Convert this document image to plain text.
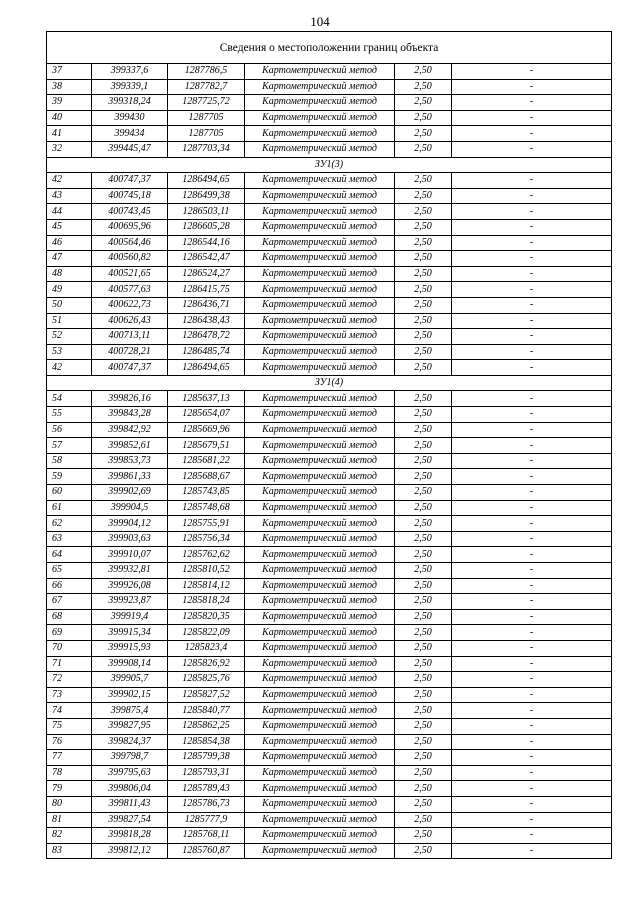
104
Сведения о местоположении границ объекта					
37	399337,6	1287786,5	Картометрический метод	2,50	-
38	399339,1	1287782,7	Картометрический метод	2,50	-
39	399318,24	1287725,72	Картометрический метод	2,50	-
40	399430	1287705	Картометрический метод	2,50	-
41	399434	1287705	Картометрический метод	2,50	-
32	399445,47	1287703,34	Картометрический метод	2,50	-
ЗУ1(3)					
42	400747,37	1286494,65	Картометрический метод	2,50	-
43	400745,18	1286499,38	Картометрический метод	2,50	-
44	400743,45	1286503,11	Картометрический метод	2,50	-
45	400695,96	1286605,28	Картометрический метод	2,50	-
46	400564,46	1286544,16	Картометрический метод	2,50	-
47	400560,82	1286542,47	Картометрический метод	2,50	-
48	400521,65	1286524,27	Картометрический метод	2,50	-
49	400577,63	1286415,75	Картометрический метод	2,50	-
50	400622,73	1286436,71	Картометрический метод	2,50	-
51	400626,43	1286438,43	Картометрический метод	2,50	-
52	400713,11	1286478,72	Картометрический метод	2,50	-
53	400728,21	1286485,74	Картометрический метод	2,50	-
42	400747,37	1286494,65	Картометрический метод	2,50	-
ЗУ1(4)					
54	399826,16	1285637,13	Картометрический метод	2,50	-
55	399843,28	1285654,07	Картометрический метод	2,50	-
56	399842,92	1285669,96	Картометрический метод	2,50	-
57	399852,61	1285679,51	Картометрический метод	2,50	-
58	399853,73	1285681,22	Картометрический метод	2,50	-
59	399861,33	1285688,67	Картометрический метод	2,50	-
60	399902,69	1285743,85	Картометрический метод	2,50	-
61	399904,5	1285748,68	Картометрический метод	2,50	-
62	399904,12	1285755,91	Картометрический метод	2,50	-
63	399903,63	1285756,34	Картометрический метод	2,50	-
64	399910,07	1285762,62	Картометрический метод	2,50	-
65	399932,81	1285810,52	Картометрический метод	2,50	-
66	399926,08	1285814,12	Картометрический метод	2,50	-
67	399923,87	1285818,24	Картометрический метод	2,50	-
68	399919,4	1285820,35	Картометрический метод	2,50	-
69	399915,34	1285822,09	Картометрический метод	2,50	-
70	399915,93	1285823,4	Картометрический метод	2,50	-
71	399908,14	1285826,92	Картометрический метод	2,50	-
72	399905,7	1285825,76	Картометрический метод	2,50	-
73	399902,15	1285827,52	Картометрический метод	2,50	-
74	399875,4	1285840,77	Картометрический метод	2,50	-
75	399827,95	1285862,25	Картометрический метод	2,50	-
76	399824,37	1285854,38	Картометрический метод	2,50	-
77	399798,7	1285799,38	Картометрический метод	2,50	-
78	399795,63	1285793,31	Картометрический метод	2,50	-
79	399806,04	1285789,43	Картометрический метод	2,50	-
80	399811,43	1285786,73	Картометрический метод	2,50	-
81	399827,54	1285777,9	Картометрический метод	2,50	-
82	399818,28	1285768,11	Картометрический метод	2,50	-
83	399812,12	1285760,87	Картометрический метод	2,50	-
